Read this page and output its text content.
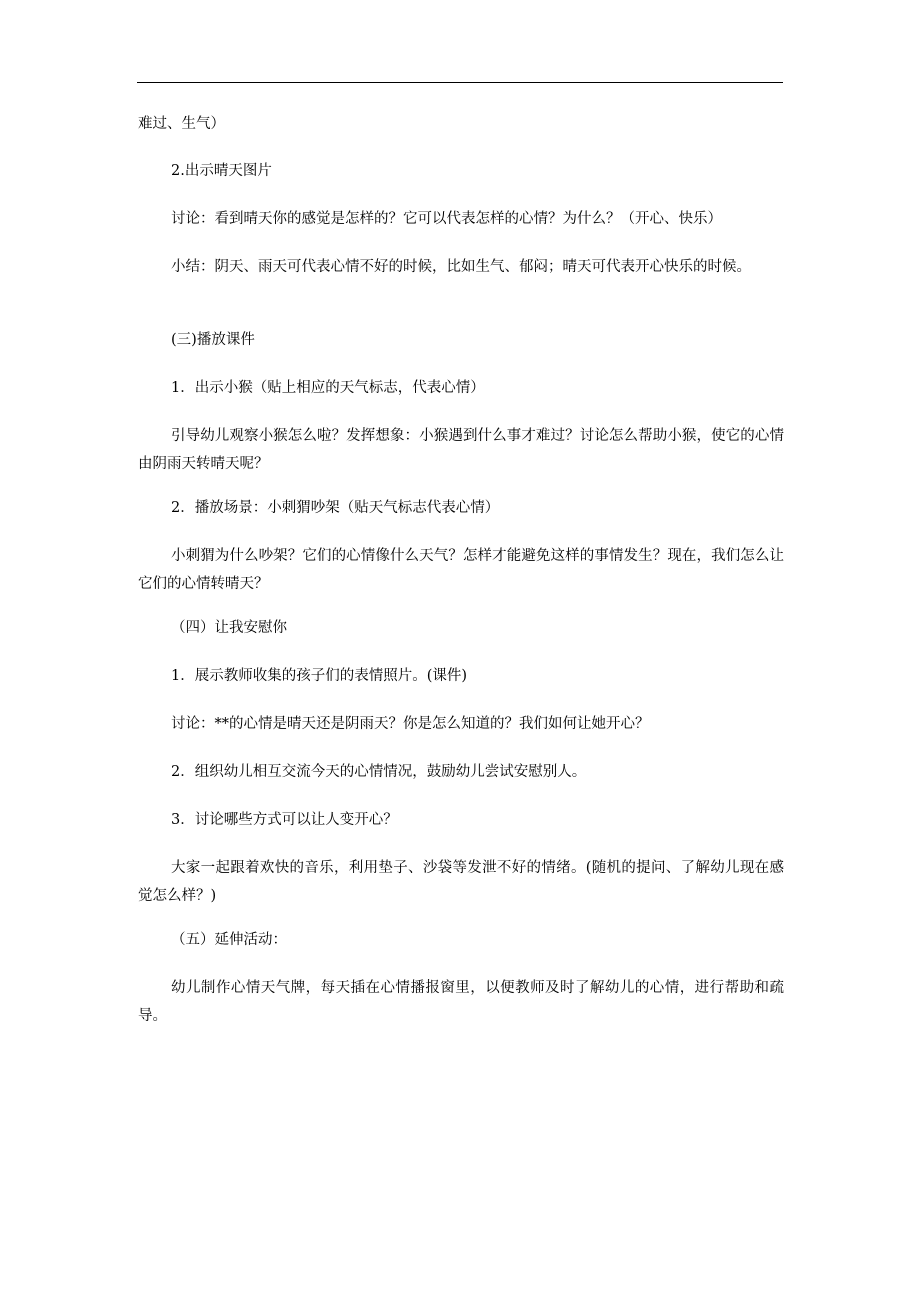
难过、生气）

2.出示晴天图片

讨论：看到晴天你的感觉是怎样的？它可以代表怎样的心情？为什么？（开心、快乐）

小结：阴天、雨天可代表心情不好的时候，比如生气、郁闷；晴天可代表开心快乐的时候。

(三)播放课件

1．出示小猴（贴上相应的天气标志，代表心情）

引导幼儿观察小猴怎么啦？发挥想象：小猴遇到什么事才难过？讨论怎么帮助小猴，使它的心情由阴雨天转晴天呢？

2．播放场景：小刺猬吵架（贴天气标志代表心情）

小刺猬为什么吵架？它们的心情像什么天气？怎样才能避免这样的事情发生？现在，我们怎么让它们的心情转晴天？

（四）让我安慰你

1．展示教师收集的孩子们的表情照片。(课件)

讨论：**的心情是晴天还是阴雨天？你是怎么知道的？我们如何让她开心？

2．组织幼儿相互交流今天的心情情况，鼓励幼儿尝试安慰别人。

3．讨论哪些方式可以让人变开心？

大家一起跟着欢快的音乐，利用垫子、沙袋等发泄不好的情绪。(随机的提问、了解幼儿现在感觉怎么样？)

（五）延伸活动：

幼儿制作心情天气牌，每天插在心情播报窗里，以便教师及时了解幼儿的心情，进行帮助和疏导。
